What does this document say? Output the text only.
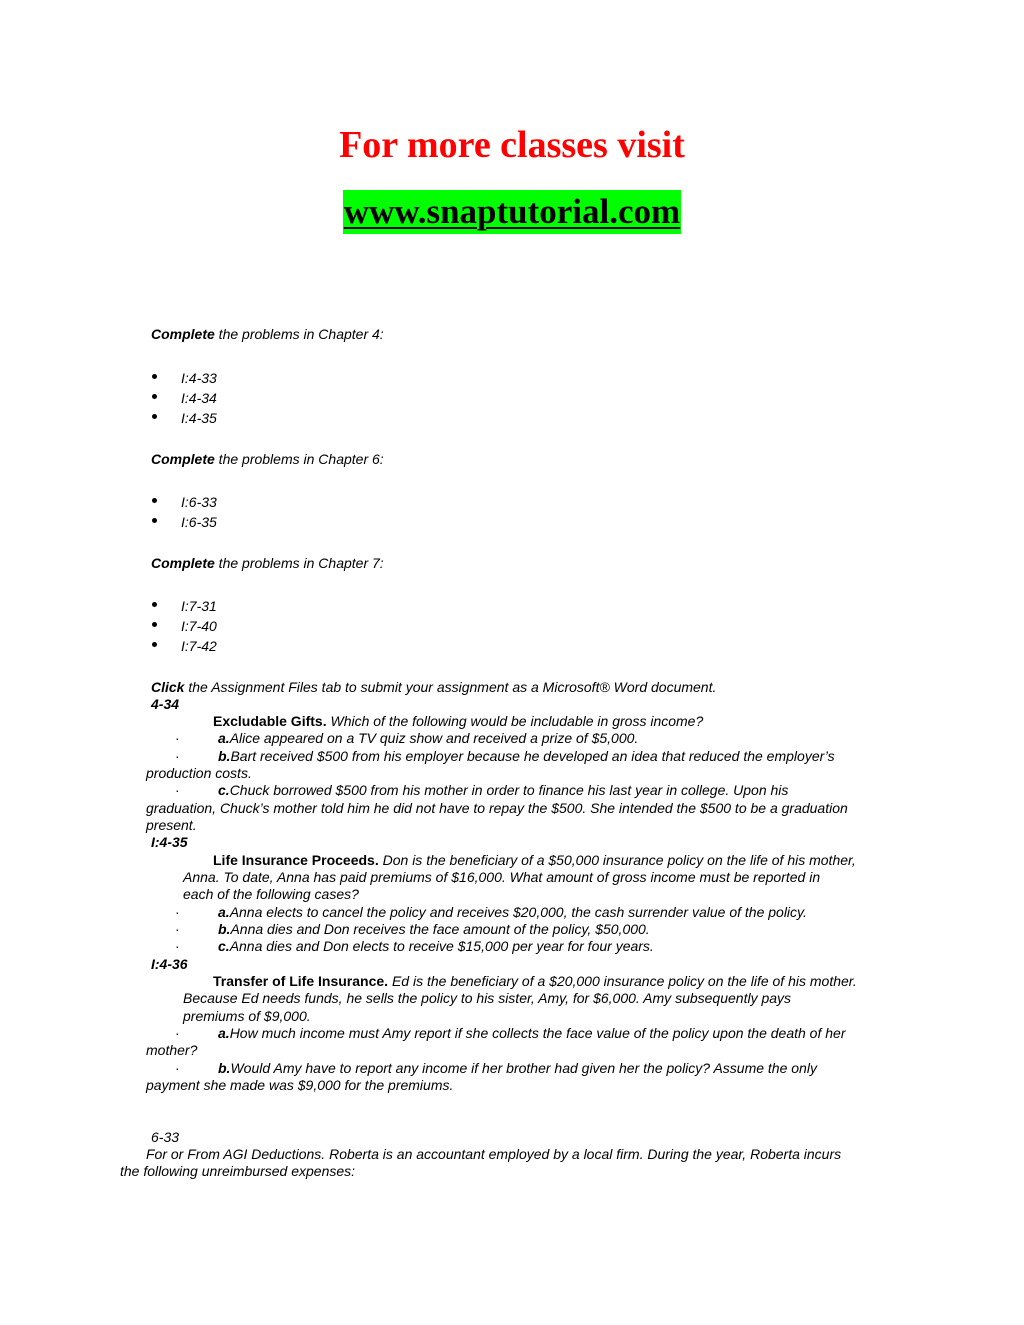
For more classes visit
www.snaptutorial.com
Complete the problems in Chapter 4:
I:4-33
I:4-34
I:4-35
Complete the problems in Chapter 6:
I:6-33
I:6-35
Complete the problems in Chapter 7:
I:7-31
I:7-40
I:7-42
Click the Assignment Files tab to submit your assignment as a Microsoft® Word document.
4-34
Excludable Gifts. Which of the following would be includable in gross income?
·	a.Alice appeared on a TV quiz show and received a prize of $5,000.
·	b.Bart received $500 from his employer because he developed an idea that reduced the employer’s
production costs.
·	c.Chuck borrowed $500 from his mother in order to finance his last year in college. Upon his
graduation, Chuck’s mother told him he did not have to repay the $500. She intended the $500 to be a graduation
present.
I:4-35
Life Insurance Proceeds. Don is the beneficiary of a $50,000 insurance policy on the life of his mother,
Anna. To date, Anna has paid premiums of $16,000. What amount of gross income must be reported in
each of the following cases?
·	a.Anna elects to cancel the policy and receives $20,000, the cash surrender value of the policy.
·	b.Anna dies and Don receives the face amount of the policy, $50,000.
·	c.Anna dies and Don elects to receive $15,000 per year for four years.
I:4-36
Transfer of Life Insurance. Ed is the beneficiary of a $20,000 insurance policy on the life of his mother.
Because Ed needs funds, he sells the policy to his sister, Amy, for $6,000. Amy subsequently pays
premiums of $9,000.
·	a.How much income must Amy report if she collects the face value of the policy upon the death of her
mother?
·	b.Would Amy have to report any income if her brother had given her the policy? Assume the only
payment she made was $9,000 for the premiums.
6-33
For or From AGI Deductions. Roberta is an accountant employed by a local firm. During the year, Roberta incurs
the following unreimbursed expenses:
